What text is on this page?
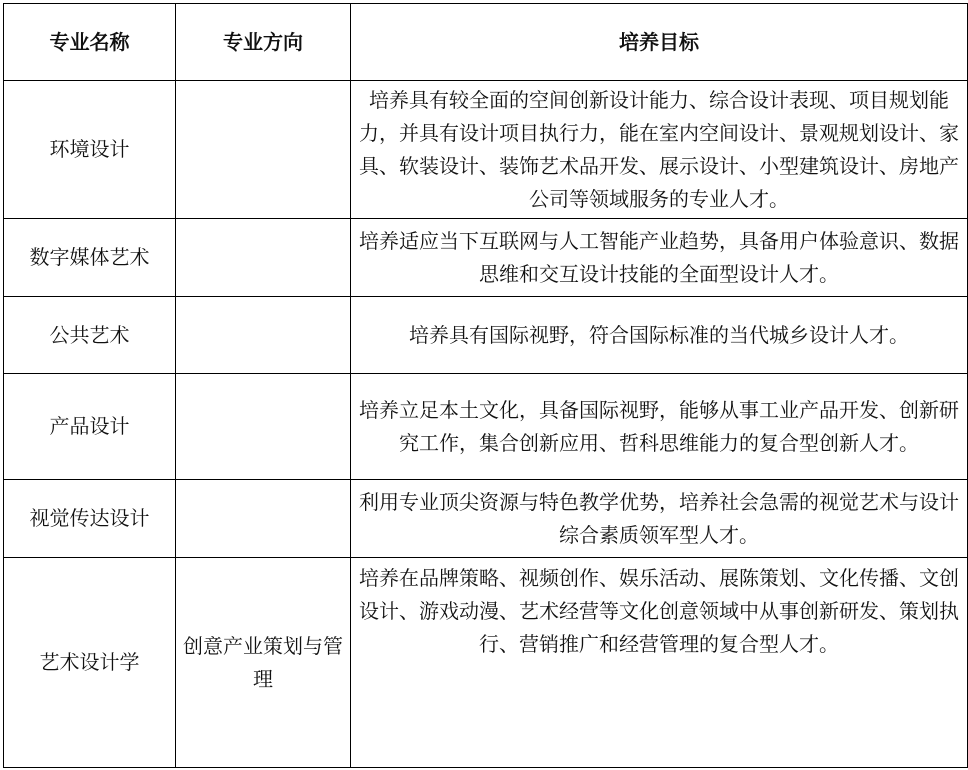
专业名称	专业方向	培养目标
环境设计		培养具有较全面的空间创新设计能力、综合设计表现、项目规划能力，并具有设计项目执行力，能在室内空间设计、景观规划设计、家具、软装设计、装饰艺术品开发、展示设计、小型建筑设计、房地产公司等领域服务的专业人才。
数字媒体艺术		培养适应当下互联网与人工智能产业趋势，具备用户体验意识、数据思维和交互设计技能的全面型设计人才。
公共艺术		培养具有国际视野，符合国际标准的当代城乡设计人才。
产品设计		培养立足本土文化，具备国际视野，能够从事工业产品开发、创新研究工作，集合创新应用、哲科思维能力的复合型创新人才。
视觉传达设计		利用专业顶尖资源与特色教学优势，培养社会急需的视觉艺术与设计综合素质领军型人才。
艺术设计学	创意产业策划与管理	培养在品牌策略、视频创作、娱乐活动、展陈策划、文化传播、文创设计、游戏动漫、艺术经营等文化创意领域中从事创新研发、策划执行、营销推广和经营管理的复合型人才。
